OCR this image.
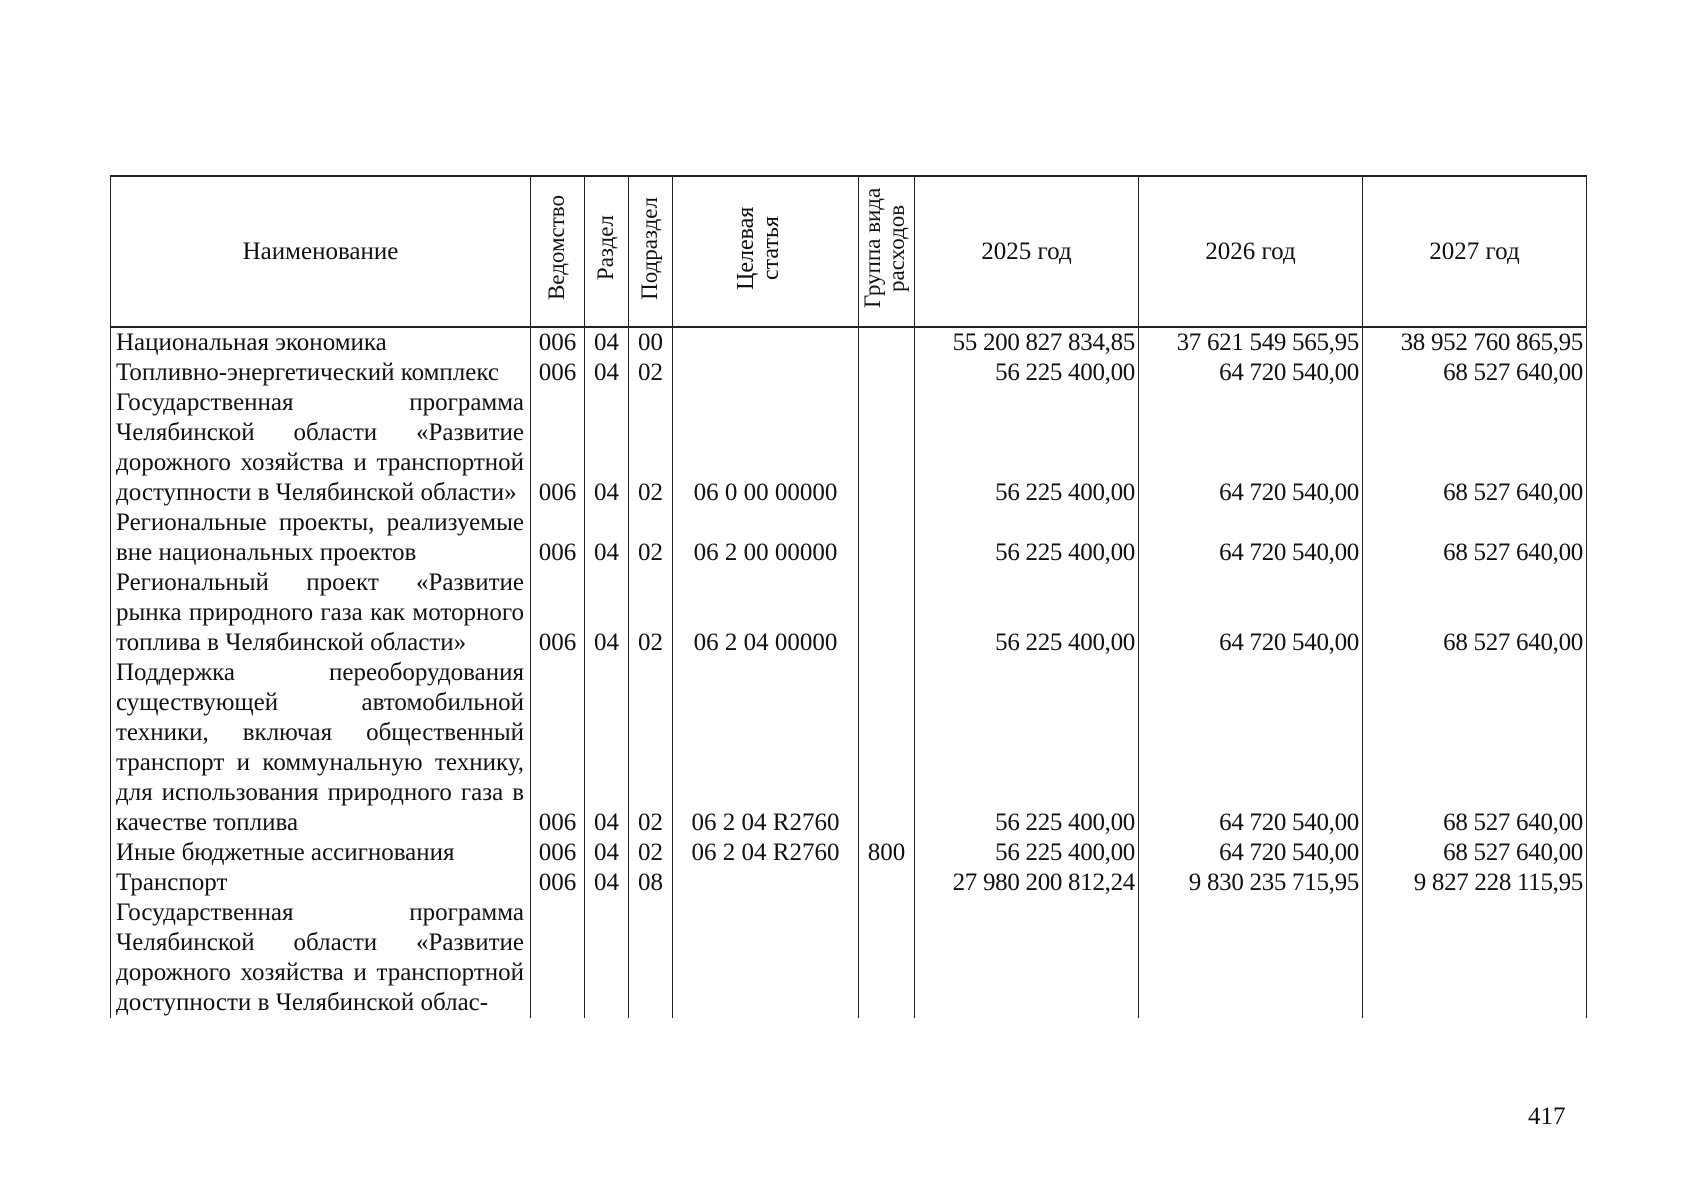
Наименование	Ведомство	Раздел	Подраздел	Целевая статья	Группа вида расходов	2025 год	2026 год	2027 год
Национальная экономика	006	04	00			55 200 827 834,85	37 621 549 565,95	38 952 760 865,95
Топливно-энергетический комплекс	006	04	02			56 225 400,00	64 720 540,00	68 527 640,00
Государственная программа Челябинской области «Развитие дорожного хозяйства и транспортной доступности в Челябинской области»	006	04	02	06 0 00 00000		56 225 400,00	64 720 540,00	68 527 640,00
Региональные проекты, реализуемые вне национальных проектов	006	04	02	06 2 00 00000		56 225 400,00	64 720 540,00	68 527 640,00
Региональный проект «Развитие рынка природного газа как моторного топлива в Челябинской области»	006	04	02	06 2 04 00000		56 225 400,00	64 720 540,00	68 527 640,00
Поддержка переоборудования существующей автомобильной техники, включая общественный транспорт и коммунальную технику, для использования природного газа в качестве топлива	006	04	02	06 2 04 R2760		56 225 400,00	64 720 540,00	68 527 640,00
Иные бюджетные ассигнования	006	04	02	06 2 04 R2760	800	56 225 400,00	64 720 540,00	68 527 640,00
Транспорт	006	04	08			27 980 200 812,24	9 830 235 715,95	9 827 228 115,95
Государственная программа Челябинской области «Развитие дорожного хозяйства и транспортной доступности в Челябинской облас-								
417
